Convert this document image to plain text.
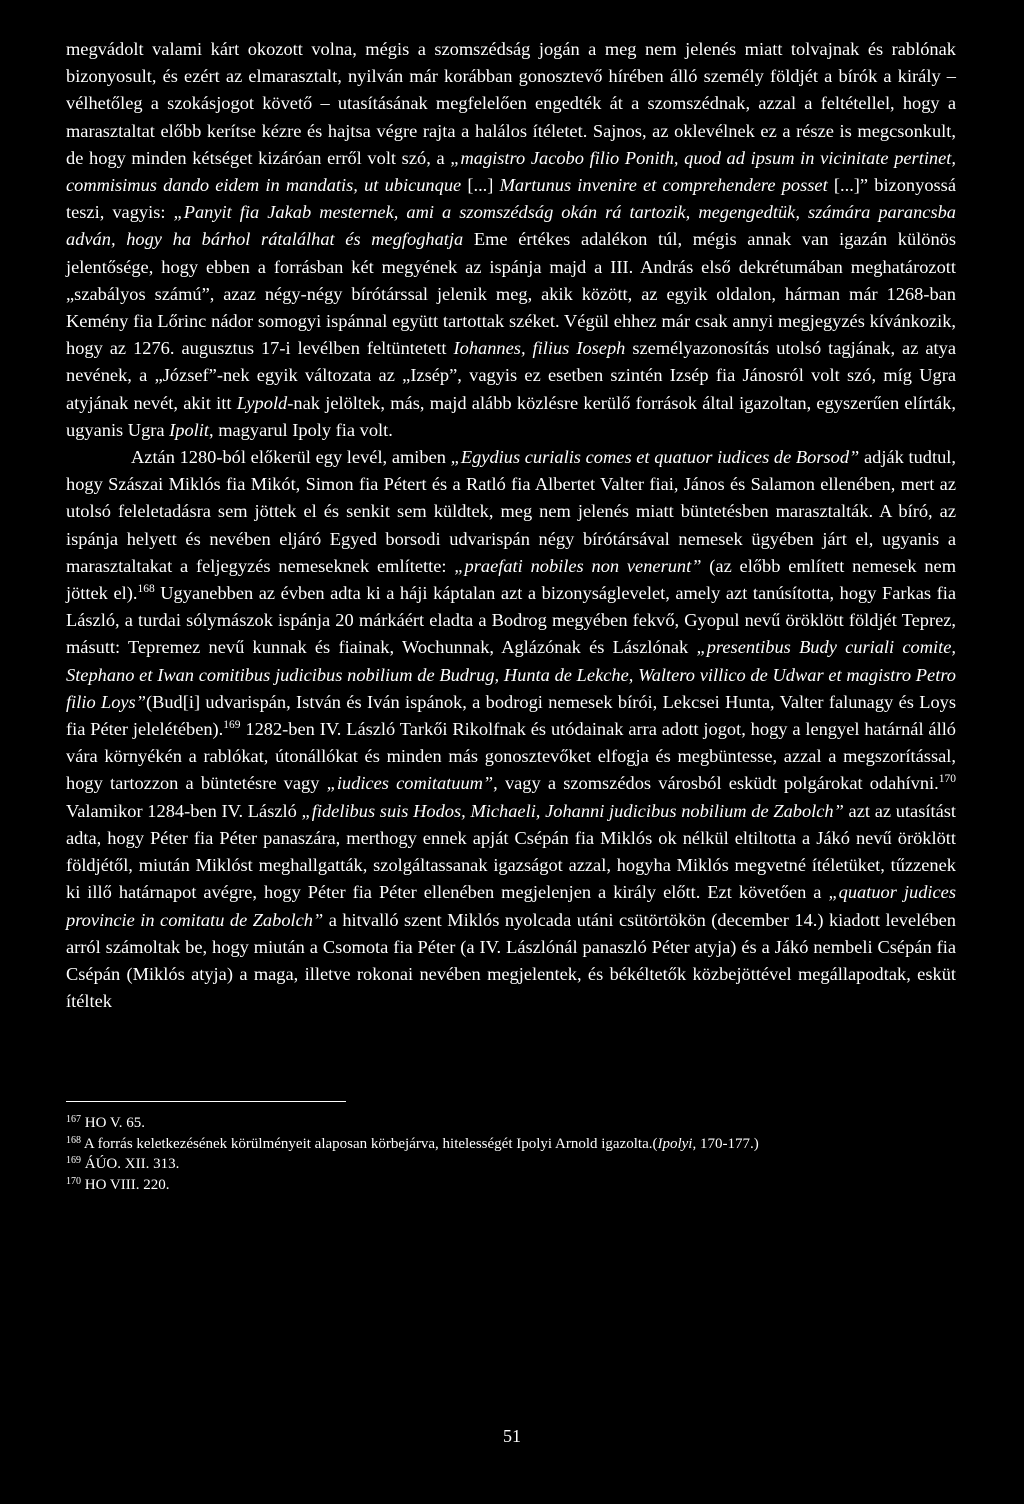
megvádolt valami kárt okozott volna, mégis a szomszédság jogán a meg nem jelenés miatt tolvajnak és rablónak bizonyosult, és ezért az elmarasztalt, nyilván már korábban gonosztevő hírében álló személy földjét a bírók a király – vélhetőleg a szokásjogot követő – utasításának megfelelően engedték át a szomszédnak, azzal a feltétellel, hogy a marasztaltat előbb kerítse kézre és hajtsa végre rajta a halálos ítéletet. Sajnos, az oklevélnek ez a része is megcsonkult, de hogy minden kétséget kizáróan erről volt szó, a „magistro Jacobo filio Ponith, quod ad ipsum in vicinitate pertinet, commisimus dando eidem in mandatis, ut ubicunque [...] Martunus invenire et comprehendere posset [...]” bizonyossá teszi, vagyis: „Panyit fia Jakab mesternek, ami a szomszédság okán rá tartozik, megengedtük, számára parancsba adván, hogy ha bárhol rátalálhat és megfoghatja Eme értékes adalékon túl, mégis annak van igazán különös jelentősége, hogy ebben a forrásban két megyének az ispánja majd a III. András első dekrétumában meghatározott „szabályos számú”, azaz négy-négy bírótárssal jelenik meg, akik között, az egyik oldalon, hárman már 1268-ban Kemény fia Lőrinc nádor somogyi ispánnal együtt tartottak széket. Végül ehhez már csak annyi megjegyzés kívánkozik, hogy az 1276. augusztus 17-i levélben feltüntetett Iohannes, filius Ioseph személyazonosítás utolsó tagjának, az atya nevének, a „József”-nek egyik változata az „Izsép”, vagyis ez esetben szintén Izsép fia Jánosról volt szó, míg Ugra atyjának nevét, akit itt Lypold-nak jelöltek, más, majd alább közlésre kerülő források által igazoltan, egyszerűen elírták, ugyanis Ugra Ipolit, magyarul Ipoly fia volt.

Aztán 1280-ból előkerül egy levél, amiben „Egydius curialis comes et quatuor iudices de Borsod” adják tudtul, hogy Szászai Miklós fia Mikót, Simon fia Pétert és a Ratló fia Albertet Valter fiai, János és Salamon ellenében, mert az utolsó feleletadásra sem jöttek el és senkit sem küldtek, meg nem jelenés miatt büntetésben marasztalták. A bíró, az ispánja helyett és nevében eljáró Egyed borsodi udvarispán négy bírótársával nemesek ügyében járt el, ugyanis a marasztaltakat a feljegyzés nemeseknek említette: „praefati nobiles non venerunt” (az előbb említett nemesek nem jöttek el).$^{168}$ Ugyanebben az évben adta ki a háji káptalan azt a bizonyságlevelet, amely azt tanúsította, hogy Farkas fia László, a turdai sólymászok ispánja 20 márkáért eladta a Bodrog megyében fekvő, Gyopul nevű öröklött földjét Teprez, másutt: Tepremez nevű kunnak és fiainak, Wochunnak, Aglázónak és Lászlónak „presentibus Budy curiali comite, Stephano et Iwan comitibus judicibus nobilium de Budrug, Hunta de Lekche, Waltero villico de Udwar et magistro Petro filio Loys”(Bud[i] udvarispán, István és Iván ispánok, a bodrogi nemesek bírói, Lekcsei Hunta, Valter falunagy és Loys fia Péter jelelétében).$^{169}$ 1282-ben IV. László Tarkői Rikolfnak és utódainak arra adott jogot, hogy a lengyel határnál álló vára környékén a rablókat, útonállókat és minden más gonosztevőket elfogja és megbüntesse, azzal a megszorítással, hogy tartozzon a büntetésre vagy „iudices comitatuum”, vagy a szomszédos városból esküdt polgárokat odahívni.$^{170}$ Valamikor 1284-ben IV. László „fidelibus suis Hodos, Michaeli, Johanni judicibus nobilium de Zabolch” azt az utasítást adta, hogy Péter fia Péter panaszára, merthogy ennek apját Csépán fia Miklós ok nélkül eltiltotta a Jákó nevű öröklött földjétől, miután Miklóst meghallgatták, szolgáltassanak igazságot azzal, hogyha Miklós megvetné ítéletüket, tűzzenek ki illő határnapot avégre, hogy Péter fia Péter ellenében megjelenjen a király előtt. Ezt követően a „quatuor judices provincie in comitatu de Zabolch” a hitvalló szent Miklós nyolcada utáni csütörtökön (december 14.) kiadott levelében arról számoltak be, hogy miután a Csomota fia Péter (a IV. Lászlónál panaszló Péter atyja) és a Jákó nembeli Csépán fia Csépán (Miklós atyja) a maga, illetve rokonai nevében megjelentek, és békéltetők közbejöttével megállapodtak, esküt ítéltek

$^{167}$ HO V. 65.

$^{168}$ A forrás keletkezésének körülményeit alaposan körbejárva, hitelességét Ipolyi Arnold igazolta.(Ipolyi, 170-177.)

$^{169}$ ÁÚO. XII. 313.

$^{170}$ HO VIII. 220.

51
